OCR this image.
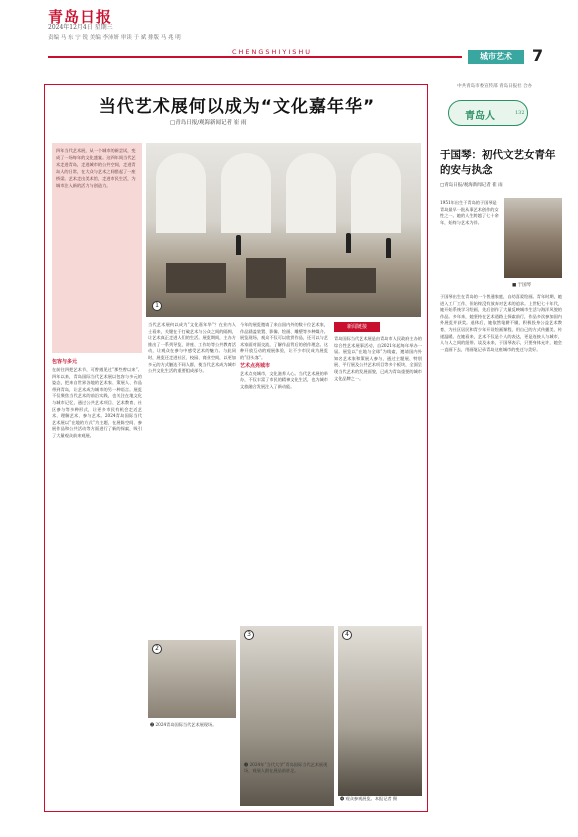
青岛日报
2024年12月4日 星期三
责编 马 东 宁 锐 美编 李沛妍 审读 于 斌 排版 马 兆 明
CHENGSHIYISHU	城市艺术	7
当代艺术展何以成为“文化嘉年华”
□青岛日报/观海新闻记者 崔 雨
四年当代艺术展，从一个城市的新尝试，变成了一场每年的文化盛宴。这四年间当代艺术走进青岛，走进城市的公共空间，走进青岛人的日常，在大众与艺术之间搭起了一座桥梁。艺术走出美术馆，走进市民生活，为城市注入新的活力与创造力。
1
包容与多元
在前往四把艺术节，可曾遇见过“那些曾以来”。四年以来，青岛国际当代艺术展以包容与多元的姿态，把来自世界各地的艺术家、策展人、作品带到青岛，让艺术成为城市的另一种语言。展览不仅聚焦当代艺术的前沿实践，也关注在地文化与城市记忆，通过公共艺术项目、艺术教育、社区参与等多种形式，让更多市民有机会走近艺术、理解艺术、参与艺术。2024青岛国际当代艺术展以“在地的方式”为主题，在展陈空间、参展作品和公共活动等方面进行了新的探索，吸引了大量观众前来观展。
当代艺术展何以成为“文化嘉年华”？在业内人士看来，关键在于打破艺术与公众之间的隔阂，让艺术真正走进人们的生活。展览期间，主办方推出了一系列导览、讲座、工作坊等公共教育活动，让观众在参与中感受艺术的魅力。与此同时，展览还走进社区、校园、商业空间，以更加多元的方式触达不同人群，使当代艺术成为城市公共文化生活的重要组成部分。
今年的展览邀请了来自国内外的数十位艺术家，作品涵盖装置、影像、绘画、雕塑等多种媒介。展览现场，观众不仅可以欣赏作品，还可以与艺术家面对面交流，了解作品背后的创作理念。这种开放互动的观展体验，让不少市民成为展览的“回头客”。
艺术点亮城市
艺术点亮城市，文化滋养人心。当代艺术展的举办，不仅丰富了市民的精神文化生活，也为城市文旅融合发展注入了新动能。
青岛国际当代艺术展是由青岛市人民政府主办的综合性艺术展事活动，自2021年起每年举办一届。展览以“在地与全球”为线索，邀请国内外知名艺术家和策展人参与，通过主题展、特别展、平行展及公共艺术项目等多个板块，全面呈现当代艺术的发展面貌，已成为青岛重要的城市文化品牌之一。
新闻链接
2
❷ 2024青岛国际当代艺术展现场。
3
❸ 2024年“当代大学”青岛国际当代艺术展现场，观展人群在展品前驻足。
4
❹ 观众参观展览。本报记者 摄
中共青岛市委宣传部 青岛日报社 合办
青岛人	132
于国琴：初代文艺女青年的安与执念
□青岛日报/观海新闻记者 崔 雨
1951年出生于青岛的于国琴是青岛最早一批从事艺术创作的女性之一。她的人生跨越了七十余年，始终与艺术为伴。
■ 于国琴
于国琴出生在青岛的一个普通家庭，自幼喜爱绘画。青年时期，她进入工厂工作，但始终没有放弃对艺术的追求。上世纪七十年代，她开始系统学习绘画，先后创作了大量反映城市生活与海洋风貌的作品。多年来，她坚持在艺术道路上探索前行，作品多次参加国内外展览并获奖。退休后，她依然笔耕不辍，积极投身公益艺术教育，为社区居民和青少年开设绘画课程，用自己的方式传播美、传递温暖。在她看来，艺术不仅是个人的表达，更是连接人与城市、人与人之间的纽带。谈及未来，于国琴表示，只要身体允许，她会一直画下去，用画笔记录青岛这座城市的变迁与美好。
